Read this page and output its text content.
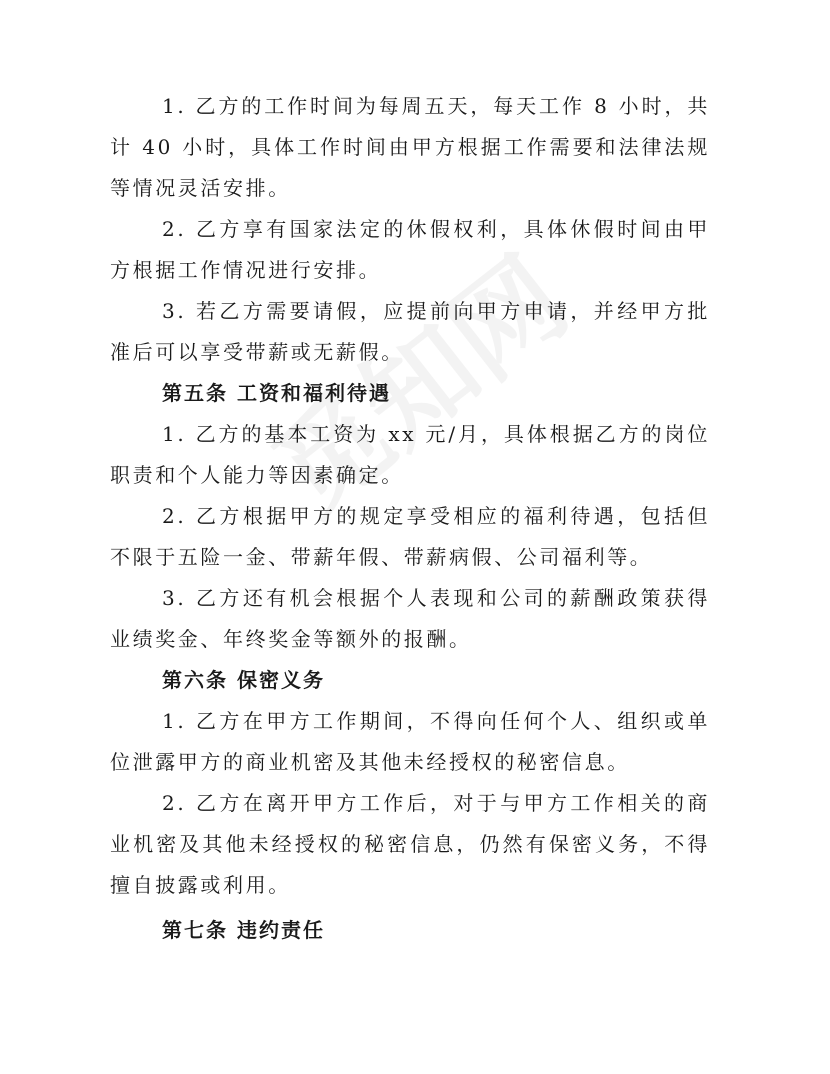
1. 乙方的工作时间为每周五天，每天工作 8 小时，共计 40 小时，具体工作时间由甲方根据工作需要和法律法规等情况灵活安排。

2. 乙方享有国家法定的休假权利，具体休假时间由甲方根据工作情况进行安排。

3. 若乙方需要请假，应提前向甲方申请，并经甲方批准后可以享受带薪或无薪假。

第五条 工资和福利待遇

1. 乙方的基本工资为 xx 元/月，具体根据乙方的岗位职责和个人能力等因素确定。

2. 乙方根据甲方的规定享受相应的福利待遇，包括但不限于五险一金、带薪年假、带薪病假、公司福利等。

3. 乙方还有机会根据个人表现和公司的薪酬政策获得业绩奖金、年终奖金等额外的报酬。

第六条 保密义务

1. 乙方在甲方工作期间，不得向任何个人、组织或单位泄露甲方的商业机密及其他未经授权的秘密信息。

2. 乙方在离开甲方工作后，对于与甲方工作相关的商业机密及其他未经授权的秘密信息，仍然有保密义务，不得擅自披露或利用。

第七条 违约责任
